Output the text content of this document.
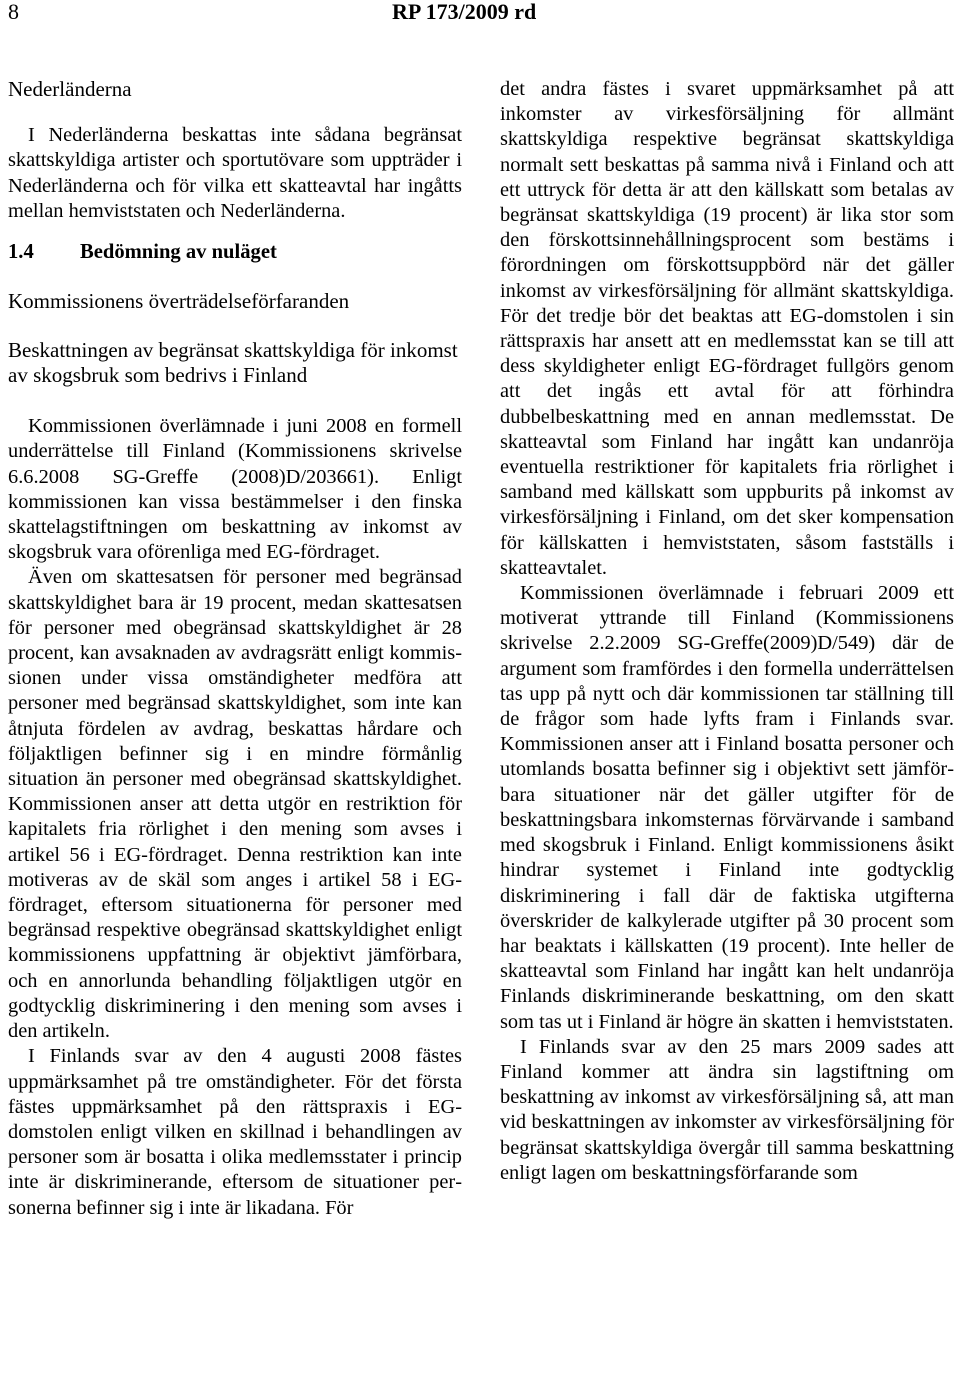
8	RP 173/2009 rd

Nederländerna

I Nederländerna beskattas inte sådana begränsat skattskyldiga artister och sportutövare som uppträder i Nederländerna och för vilka ett skatteavtal har ingåtts mellan hemviststaten och Nederländerna.

1.4 Bedömning av nuläget

Kommissionens överträdelseförfaranden

Beskattningen av begränsat skattskyldiga för inkomst av skogsbruk som bedrivs i Finland

Kommissionen överlämnade i juni 2008 en formell underrättelse till Finland (Kommissionens skrivelse 6.6.2008 SG-Greffe (2008)D/203661). Enligt kommissionen kan vissa bestämmelser i den finska skattelagstiftningen om beskattning av inkomst av skogsbruk vara oförenliga med EG-fördraget.

Även om skattesatsen för personer med begränsad skattskyldighet bara är 19 procent, medan skattesatsen för personer med obegränsad skattskyldighet är 28 procent, kan avsaknaden av avdragsrätt enligt kommissionen under vissa omständigheter medföra att personer med begränsad skattskyldighet, som inte kan åtnjuta fördelen av avdrag, beskattas hårdare och följaktligen befinner sig i en mindre förmånlig situation än personer med obegränsad skattskyldighet. Kommissionen anser att detta utgör en restriktion för kapitalets fria rörlighet i den mening som avses i artikel 56 i EG-fördraget. Denna restriktion kan inte motiveras av de skäl som anges i artikel 58 i EG-fördraget, eftersom situationerna för personer med begränsad respektive obegränsad skattskyldighet enligt kommissionens uppfattning är objektivt jämförbara, och en annorlunda behandling följaktligen utgör en godtycklig diskriminering i den mening som avses i den artikeln.

I Finlands svar av den 4 augusti 2008 fästes uppmärksamhet på tre omständigheter. För det första fästes uppmärksamhet på den rättspraxis i EG-domstolen enligt vilken en skillnad i behandlingen av personer som är bosatta i olika medlemsstater i princip inte är diskriminerande, eftersom de situationer personerna befinner sig i inte är likadana. För

det andra fästes i svaret uppmärksamhet på att inkomster av virkesförsäljning för allmänt skattskyldiga respektive begränsat skattskyldiga normalt sett beskattas på samma nivå i Finland och att ett uttryck för detta är att den källskatt som betalas av begränsat skattskyldiga (19 procent) är lika stor som den förskottsinnehållningsprocent som bestäms i förordningen om förskottsuppbörd när det gäller inkomst av virkesförsäljning för allmänt skattskyldiga. För det tredje bör det beaktas att EG-domstolen i sin rättspraxis har ansett att en medlemsstat kan se till att dess skyldigheter enligt EG-fördraget fullgörs genom att det ingås ett avtal för att förhindra dubbelbeskattning med en annan medlemsstat. De skatteavtal som Finland har ingått kan undanröja eventuella restriktioner för kapitalets fria rörlighet i samband med källskatt som uppburits på inkomst av virkesförsäljning i Finland, om det sker kompensation för källskatten i hemviststaten, såsom fastställs i skatteavtalet.

Kommissionen överlämnade i februari 2009 ett motiverat yttrande till Finland (Kommissionens skrivelse 2.2.2009 SG-Greffe(2009)D/549) där de argument som framfördes i den formella underrättelsen tas upp på nytt och där kommissionen tar ställning till de frågor som hade lyfts fram i Finlands svar. Kommissionen anser att i Finland bosatta personer och utomlands bosatta befinner sig i objektivt sett jämförbara situationer när det gäller utgifter för de beskattningsbara inkomsternas förvärvande i samband med skogsbruk i Finland. Enligt kommissionens åsikt hindrar systemet i Finland inte godtycklig diskriminering i fall där de faktiska utgifterna överskrider de kalkylerade utgifter på 30 procent som har beaktats i källskatten (19 procent). Inte heller de skatteavtal som Finland har ingått kan helt undanröja Finlands diskriminerande beskattning, om den skatt som tas ut i Finland är högre än skatten i hemviststaten.

I Finlands svar av den 25 mars 2009 sades att Finland kommer att ändra sin lagstiftning om beskattning av inkomst av virkesförsäljning så, att man vid beskattningen av inkomster av virkesförsäljning för begränsat skattskyldiga övergår till samma beskattning enligt lagen om beskattningsförfarande som
